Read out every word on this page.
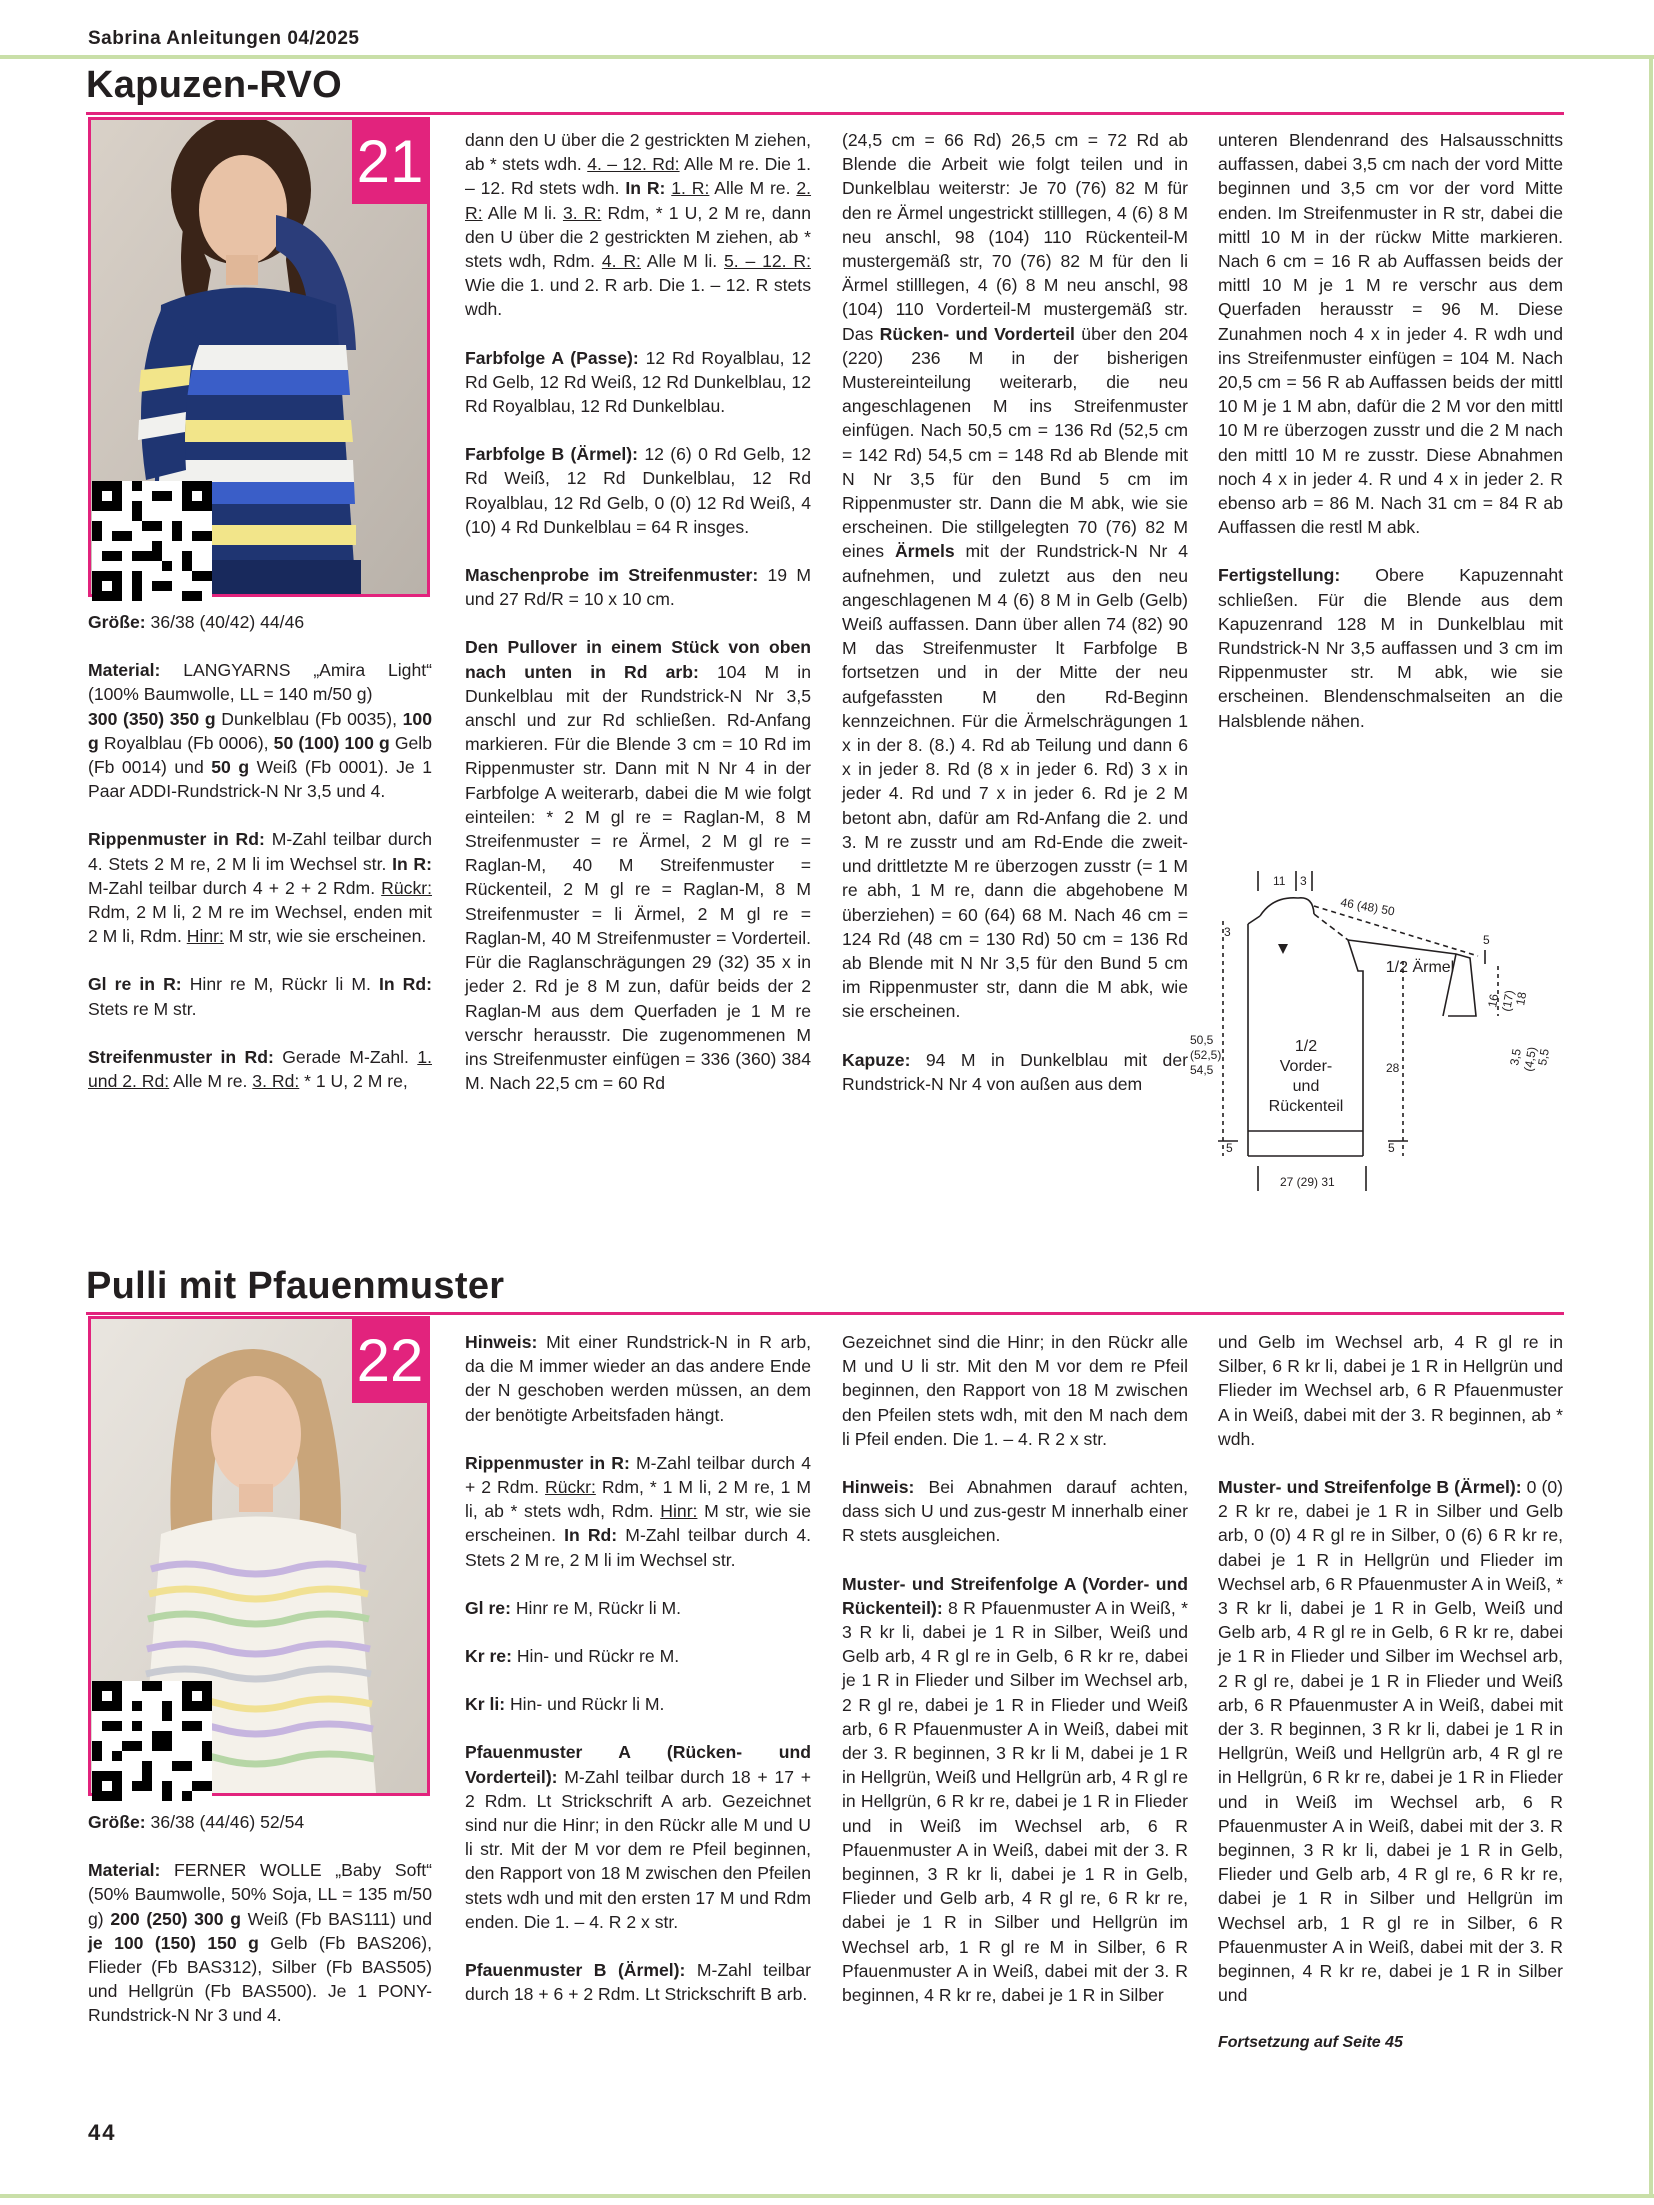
Sabrina Anleitungen 04/2025
Kapuzen-RVO
21

Größe: 36/38 (40/42) 44/46

Material: LANGYARNS „Amira Light“ (100% Baumwolle, LL = 140 m/50 g)
300 (350) 350 g Dunkelblau (Fb 0035), 100 g Royalblau (Fb 0006), 50 (100) 100 g Gelb (Fb 0014) und 50 g Weiß (Fb 0001). Je 1 Paar ADDI-Rundstrick-N Nr 3,5 und 4.

Rippenmuster in Rd: M-Zahl teilbar durch 4. Stets 2 M re, 2 M li im Wechsel str. In R: M-Zahl teilbar durch 4 + 2 + 2 Rdm. Rückr: Rdm, 2 M li, 2 M re im Wechsel, enden mit 2 M li, Rdm. Hinr: M str, wie sie erscheinen.

Gl re in R: Hinr re M, Rückr li M. In Rd: Stets re M str.

Streifenmuster in Rd: Gerade M-Zahl. 1. und 2. Rd: Alle M re. 3. Rd: * 1 U, 2 M re,

dann den U über die 2 gestrickten M ziehen, ab * stets wdh. 4. – 12. Rd: Alle M re. Die 1. – 12. Rd stets wdh. In R: 1. R: Alle M re. 2. R: Alle M li. 3. R: Rdm, * 1 U, 2 M re, dann den U über die 2 gestrickten M ziehen, ab * stets wdh, Rdm. 4. R: Alle M li. 5. – 12. R: Wie die 1. und 2. R arb. Die 1. – 12. R stets wdh.

Farbfolge A (Passe): 12 Rd Royalblau, 12 Rd Gelb, 12 Rd Weiß, 12 Rd Dunkelblau, 12 Rd Royalblau, 12 Rd Dunkelblau.

Farbfolge B (Ärmel): 12 (6) 0 Rd Gelb, 12 Rd Weiß, 12 Rd Dunkelblau, 12 Rd Royalblau, 12 Rd Gelb, 0 (0) 12 Rd Weiß, 4 (10) 4 Rd Dunkelblau = 64 R insges.

Maschenprobe im Streifenmuster: 19 M und 27 Rd/R = 10 x 10 cm.

Den Pullover in einem Stück von oben nach unten in Rd arb: 104 M in Dunkelblau mit der Rundstrick-N Nr 3,5 anschl und zur Rd schließen. Rd-Anfang markieren. Für die Blende 3 cm = 10 Rd im Rippenmuster str. Dann mit N Nr 4 in der Farbfolge A weiterarb, dabei die M wie folgt einteilen: * 2 M gl re = Raglan-M, 8 M Streifenmuster = re Ärmel, 2 M gl re = Raglan-M, 40 M Streifenmuster = Rückenteil, 2 M gl re = Raglan-M, 8 M Streifenmuster = li Ärmel, 2 M gl re = Raglan-M, 40 M Streifenmuster = Vorderteil. Für die Raglanschrägungen 29 (32) 35 x in jeder 2. Rd je 8 M zun, dafür beids der 2 Raglan-M aus dem Querfaden je 1 M re verschr herausstr. Die zugenommenen M ins Streifenmuster einfügen = 336 (360) 384 M. Nach 22,5 cm = 60 Rd

(24,5 cm = 66 Rd) 26,5 cm = 72 Rd ab Blende die Arbeit wie folgt teilen und in Dunkelblau weiterstr: Je 70 (76) 82 M für den re Ärmel ungestrickt stilllegen, 4 (6) 8 M neu anschl, 98 (104) 110 Rückenteil-M mustergemäß str, 70 (76) 82 M für den li Ärmel stilllegen, 4 (6) 8 M neu anschl, 98 (104) 110 Vorderteil-M mustergemäß str. Das Rücken- und Vorderteil über den 204 (220) 236 M in der bisherigen Mustereinteilung weiterarb, die neu angeschlagenen M ins Streifenmuster einfügen. Nach 50,5 cm = 136 Rd (52,5 cm = 142 Rd) 54,5 cm = 148 Rd ab Blende mit N Nr 3,5 für den Bund 5 cm im Rippenmuster str. Dann die M abk, wie sie erscheinen. Die stillgelegten 70 (76) 82 M eines Ärmels mit der Rundstrick-N Nr 4 aufnehmen, und zuletzt aus den neu angeschlagenen M 4 (6) 8 M in Gelb (Gelb) Weiß auffassen. Dann über allen 74 (82) 90 M das Streifenmuster lt Farbfolge B fortsetzen und in der Mitte der neu aufgefassten M den Rd-Beginn kennzeichnen. Für die Ärmelschrägungen 1 x in der 8. (8.) 4. Rd ab Teilung und dann 6 x in jeder 8. Rd (8 x in jeder 6. Rd) 3 x in jeder 4. Rd und 7 x in jeder 6. Rd je 2 M betont abn, dafür am Rd-Anfang die 2. und 3. M re zusstr und am Rd-Ende die zweit- und drittletzte M re überzogen zusstr (= 1 M re abh, 1 M re, dann die abgehobene M überziehen) = 60 (64) 68 M. Nach 46 cm = 124 Rd (48 cm = 130 Rd) 50 cm = 136 Rd ab Blende mit N Nr 3,5 für den Bund 5 cm im Rippenmuster str, dann die M abk, wie sie erscheinen.

Kapuze: 94 M in Dunkelblau mit der Rundstrick-N Nr 4 von außen aus dem

unteren Blendenrand des Halsausschnitts auffassen, dabei 3,5 cm nach der vord Mitte beginnen und 3,5 cm vor der vord Mitte enden. Im Streifenmuster in R str, dabei die mittl 10 M in der rückw Mitte markieren. Nach 6 cm = 16 R ab Auffassen beids der mittl 10 M je 1 M re verschr aus dem Querfaden herausstr = 96 M. Diese Zunahmen noch 4 x in jeder 4. R wdh und ins Streifenmuster einfügen = 104 M. Nach 20,5 cm = 56 R ab Auffassen beids der mittl 10 M je 1 M abn, dafür die 2 M vor den mittl 10 M re überzogen zusstr und die 2 M nach den mittl 10 M re zusstr. Diese Abnahmen noch 4 x in jeder 4. R und 4 x in jeder 2. R ebenso arb = 86 M. Nach 31 cm = 84 R ab Auffassen die restl M abk.

Fertigstellung: Obere Kapuzennaht schließen. Für die Blende aus dem Kapuzenrand 128 M in Dunkelblau mit Rundstrick-N Nr 3,5 auffassen und 3 cm im Rippenmuster str. M abk, wie sie erscheinen. Blendenschmalseiten an die Halsblende nähen.

11 3
46 (48) 50
3
5
16
(17)
18
3,5
(4,5)
5,5
50,5
(52,5)
54,5	28
5	5
27 (29) 31
1/2 Ärmel
1/2
Vorder-
und
Rückenteil
Pulli mit Pfauenmuster
22

Größe: 36/38 (44/46) 52/54

Material: FERNER WOLLE „Baby Soft“ (50% Baumwolle, 50% Soja, LL = 135 m/50 g) 200 (250) 300 g Weiß (Fb BAS111) und je 100 (150) 150 g Gelb (Fb BAS206), Flieder (Fb BAS312), Silber (Fb BAS505) und Hellgrün (Fb BAS500). Je 1 PONY-Rundstrick-N Nr 3 und 4.

Hinweis: Mit einer Rundstrick-N in R arb, da die M immer wieder an das andere Ende der N geschoben werden müssen, an dem der benötigte Arbeitsfaden hängt.

Rippenmuster in R: M-Zahl teilbar durch 4 + 2 Rdm. Rückr: Rdm, * 1 M li, 2 M re, 1 M li, ab * stets wdh, Rdm. Hinr: M str, wie sie erscheinen. In Rd: M-Zahl teilbar durch 4. Stets 2 M re, 2 M li im Wechsel str.

Gl re: Hinr re M, Rückr li M.

Kr re: Hin- und Rückr re M.

Kr li: Hin- und Rückr li M.

Pfauenmuster A (Rücken- und Vorderteil): M-Zahl teilbar durch 18 + 17 + 2 Rdm. Lt Strickschrift A arb. Gezeichnet sind nur die Hinr; in den Rückr alle M und U li str. Mit der M vor dem re Pfeil beginnen, den Rapport von 18 M zwischen den Pfeilen stets wdh und mit den ersten 17 M und Rdm enden. Die 1. – 4. R 2 x str.

Pfauenmuster B (Ärmel): M-Zahl teilbar durch 18 + 6 + 2 Rdm. Lt Strickschrift B arb.

Gezeichnet sind die Hinr; in den Rückr alle M und U li str. Mit den M vor dem re Pfeil beginnen, den Rapport von 18 M zwischen den Pfeilen stets wdh, mit den M nach dem li Pfeil enden. Die 1. – 4. R 2 x str.

Hinweis: Bei Abnahmen darauf achten, dass sich U und zus-gestr M innerhalb einer R stets ausgleichen.

Muster- und Streifenfolge A (Vorder- und Rückenteil): 8 R Pfauenmuster A in Weiß, * 3 R kr li, dabei je 1 R in Silber, Weiß und Gelb arb, 4 R gl re in Gelb, 6 R kr re, dabei je 1 R in Flieder und Silber im Wechsel arb, 2 R gl re, dabei je 1 R in Flieder und Weiß arb, 6 R Pfauenmuster A in Weiß, dabei mit der 3. R beginnen, 3 R kr li M, dabei je 1 R in Hellgrün, Weiß und Hellgrün arb, 4 R gl re in Hellgrün, 6 R kr re, dabei je 1 R in Flieder und in Weiß im Wechsel arb, 6 R Pfauenmuster A in Weiß, dabei mit der 3. R beginnen, 3 R kr li, dabei je 1 R in Gelb, Flieder und Gelb arb, 4 R gl re, 6 R kr re, dabei je 1 R in Silber und Hellgrün im Wechsel arb, 1 R gl re M in Silber, 6 R Pfauenmuster A in Weiß, dabei mit der 3. R beginnen, 4 R kr re, dabei je 1 R in Silber

und Gelb im Wechsel arb, 4 R gl re in Silber, 6 R kr li, dabei je 1 R in Hellgrün und Flieder im Wechsel arb, 6 R Pfauenmuster A in Weiß, dabei mit der 3. R beginnen, ab * wdh.

Muster- und Streifenfolge B (Ärmel): 0 (0) 2 R kr re, dabei je 1 R in Silber und Gelb arb, 0 (0) 4 R gl re in Silber, 0 (6) 6 R kr re, dabei je 1 R in Hellgrün und Flieder im Wechsel arb, 6 R Pfauenmuster A in Weiß, * 3 R kr li, dabei je 1 R in Gelb, Weiß und Gelb arb, 4 R gl re in Gelb, 6 R kr re, dabei je 1 R in Flieder und Silber im Wechsel arb, 2 R gl re, dabei je 1 R in Flieder und Weiß arb, 6 R Pfauenmuster A in Weiß, dabei mit der 3. R beginnen, 3 R kr li, dabei je 1 R in Hellgrün, Weiß und Hellgrün arb, 4 R gl re in Hellgrün, 6 R kr re, dabei je 1 R in Flieder und in Weiß im Wechsel arb, 6 R Pfauenmuster A in Weiß, dabei mit der 3. R beginnen, 3 R kr li, dabei je 1 R in Gelb, Flieder und Gelb arb, 4 R gl re, 6 R kr re, dabei je 1 R in Silber und Hellgrün im Wechsel arb, 1 R gl re in Silber, 6 R Pfauenmuster A in Weiß, dabei mit der 3. R beginnen, 4 R kr re, dabei je 1 R in Silber und

Fortsetzung auf Seite 45

44
